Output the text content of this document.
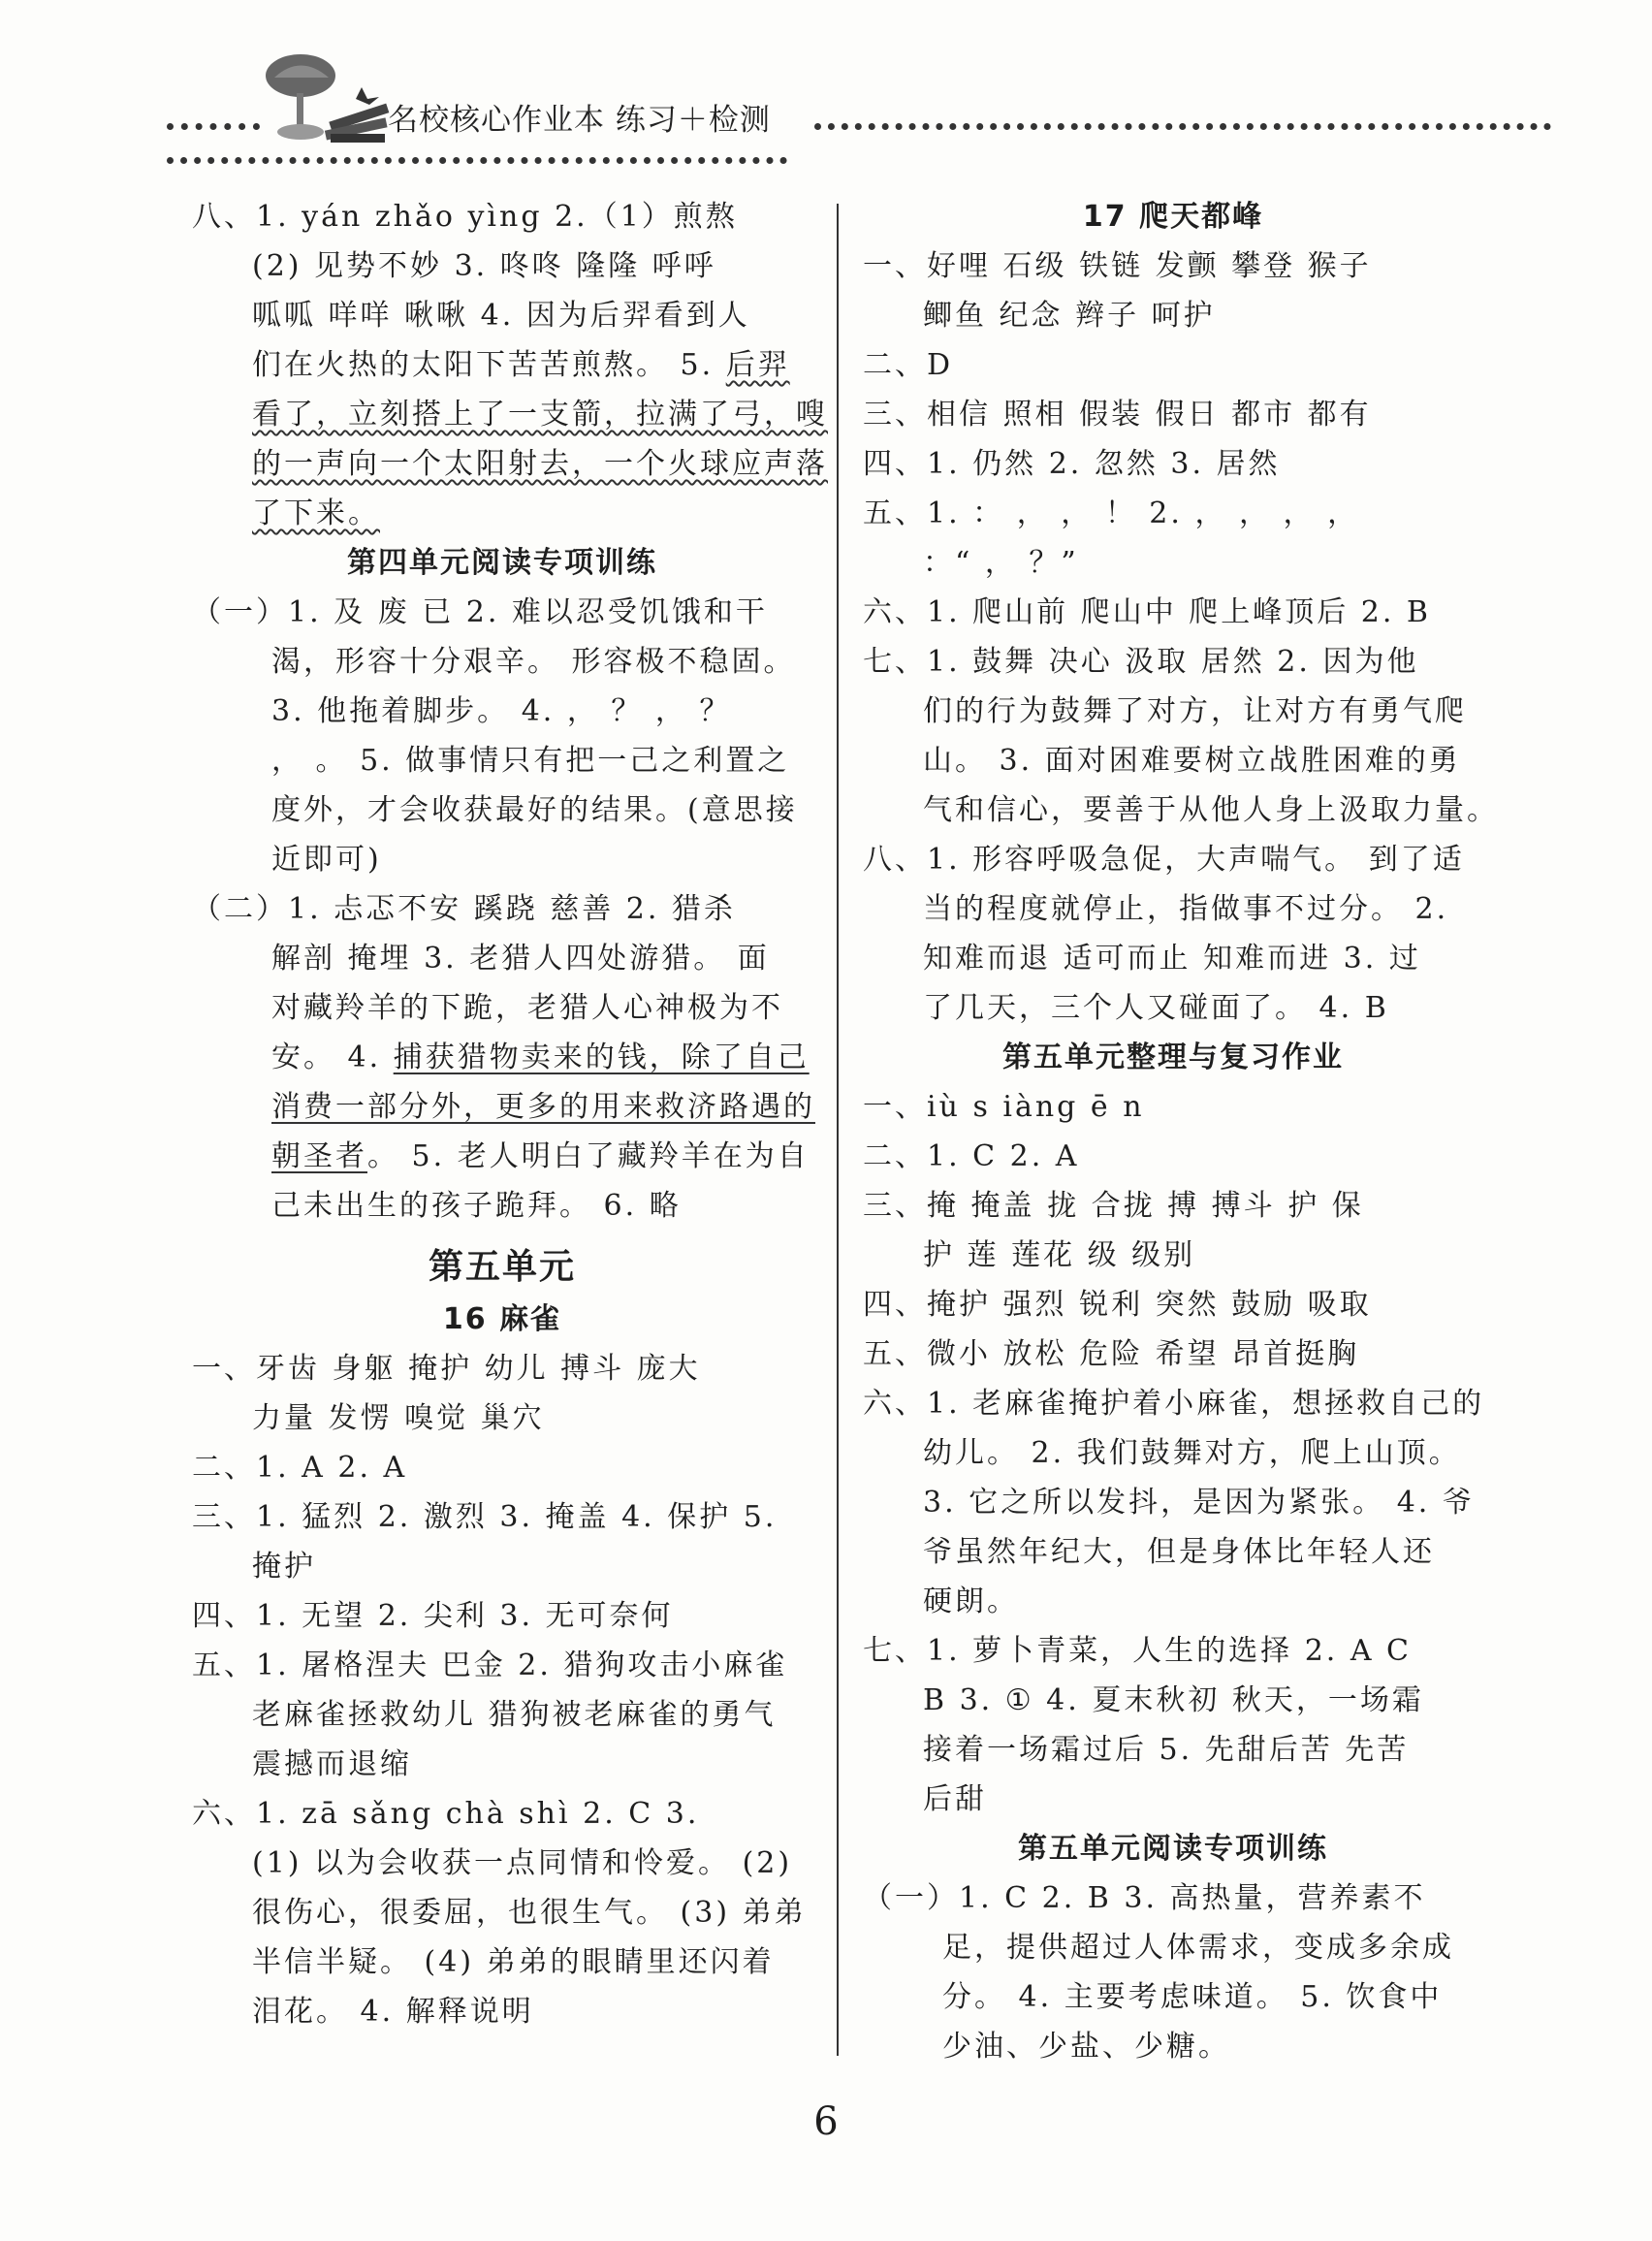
名校核心作业本 练习＋检测
八、1. yán zhǎo yìng 2.（1）煎熬
(2) 见势不妙 3. 咚咚 隆隆 呼呼
呱呱 咩咩 啾啾 4. 因为后羿看到人
们在火热的太阳下苦苦煎熬。 5. 后羿
看了，立刻搭上了一支箭，拉满了弓，嗖
的一声向一个太阳射去，一个火球应声落
了下来。
第四单元阅读专项训练
（一）1. 及 废 已 2. 难以忍受饥饿和干
渴，形容十分艰辛。 形容极不稳固。
3. 他拖着脚步。 4. ， ？ ， ？
， 。 5. 做事情只有把一己之利置之
度外，才会收获最好的结果。(意思接
近即可)
（二）1. 忐忑不安 蹊跷 慈善 2. 猎杀
解剖 掩埋 3. 老猎人四处游猎。 面
对藏羚羊的下跪，老猎人心神极为不
安。 4. 捕获猎物卖来的钱，除了自己
消费一部分外，更多的用来救济路遇的
朝圣者。 5. 老人明白了藏羚羊在为自
己未出生的孩子跪拜。 6. 略
第五单元
16 麻雀
一、牙齿 身躯 掩护 幼儿 搏斗 庞大
力量 发愣 嗅觉 巢穴
二、1. A 2. A
三、1. 猛烈 2. 激烈 3. 掩盖 4. 保护 5.
掩护
四、1. 无望 2. 尖利 3. 无可奈何
五、1. 屠格涅夫 巴金 2. 猎狗攻击小麻雀
老麻雀拯救幼儿 猎狗被老麻雀的勇气
震撼而退缩
六、1. zā sǎng chà shì 2. C 3.
(1) 以为会收获一点同情和怜爱。 (2)
很伤心，很委屈，也很生气。 (3) 弟弟
半信半疑。 (4) 弟弟的眼睛里还闪着
泪花。 4. 解释说明
17 爬天都峰
一、好哩 石级 铁链 发颤 攀登 猴子
鲫鱼 纪念 辫子 呵护
二、D
三、相信 照相 假装 假日 都市 都有
四、1. 仍然 2. 忽然 3. 居然
五、1. ： ， ， ！ 2. ， ， ， ，
：“ ， ？”
六、1. 爬山前 爬山中 爬上峰顶后 2. B
七、1. 鼓舞 决心 汲取 居然 2. 因为他
们的行为鼓舞了对方，让对方有勇气爬
山。 3. 面对困难要树立战胜困难的勇
气和信心，要善于从他人身上汲取力量。
八、1. 形容呼吸急促，大声喘气。 到了适
当的程度就停止，指做事不过分。 2.
知难而退 适可而止 知难而进 3. 过
了几天，三个人又碰面了。 4. B
第五单元整理与复习作业
一、iù s iàng ē n
二、1. C 2. A
三、掩 掩盖 拢 合拢 搏 搏斗 护 保
护 莲 莲花 级 级别
四、掩护 强烈 锐利 突然 鼓励 吸取
五、微小 放松 危险 希望 昂首挺胸
六、1. 老麻雀掩护着小麻雀，想拯救自己的
幼儿。 2. 我们鼓舞对方，爬上山顶。
3. 它之所以发抖，是因为紧张。 4. 爷
爷虽然年纪大，但是身体比年轻人还
硬朗。
七、1. 萝卜青菜，人生的选择 2. A C
B 3. ① 4. 夏末秋初 秋天，一场霜
接着一场霜过后 5. 先甜后苦 先苦
后甜
第五单元阅读专项训练
（一）1. C 2. B 3. 高热量，营养素不
足，提供超过人体需求，变成多余成
分。 4. 主要考虑味道。 5. 饮食中
少油、少盐、少糖。
6
